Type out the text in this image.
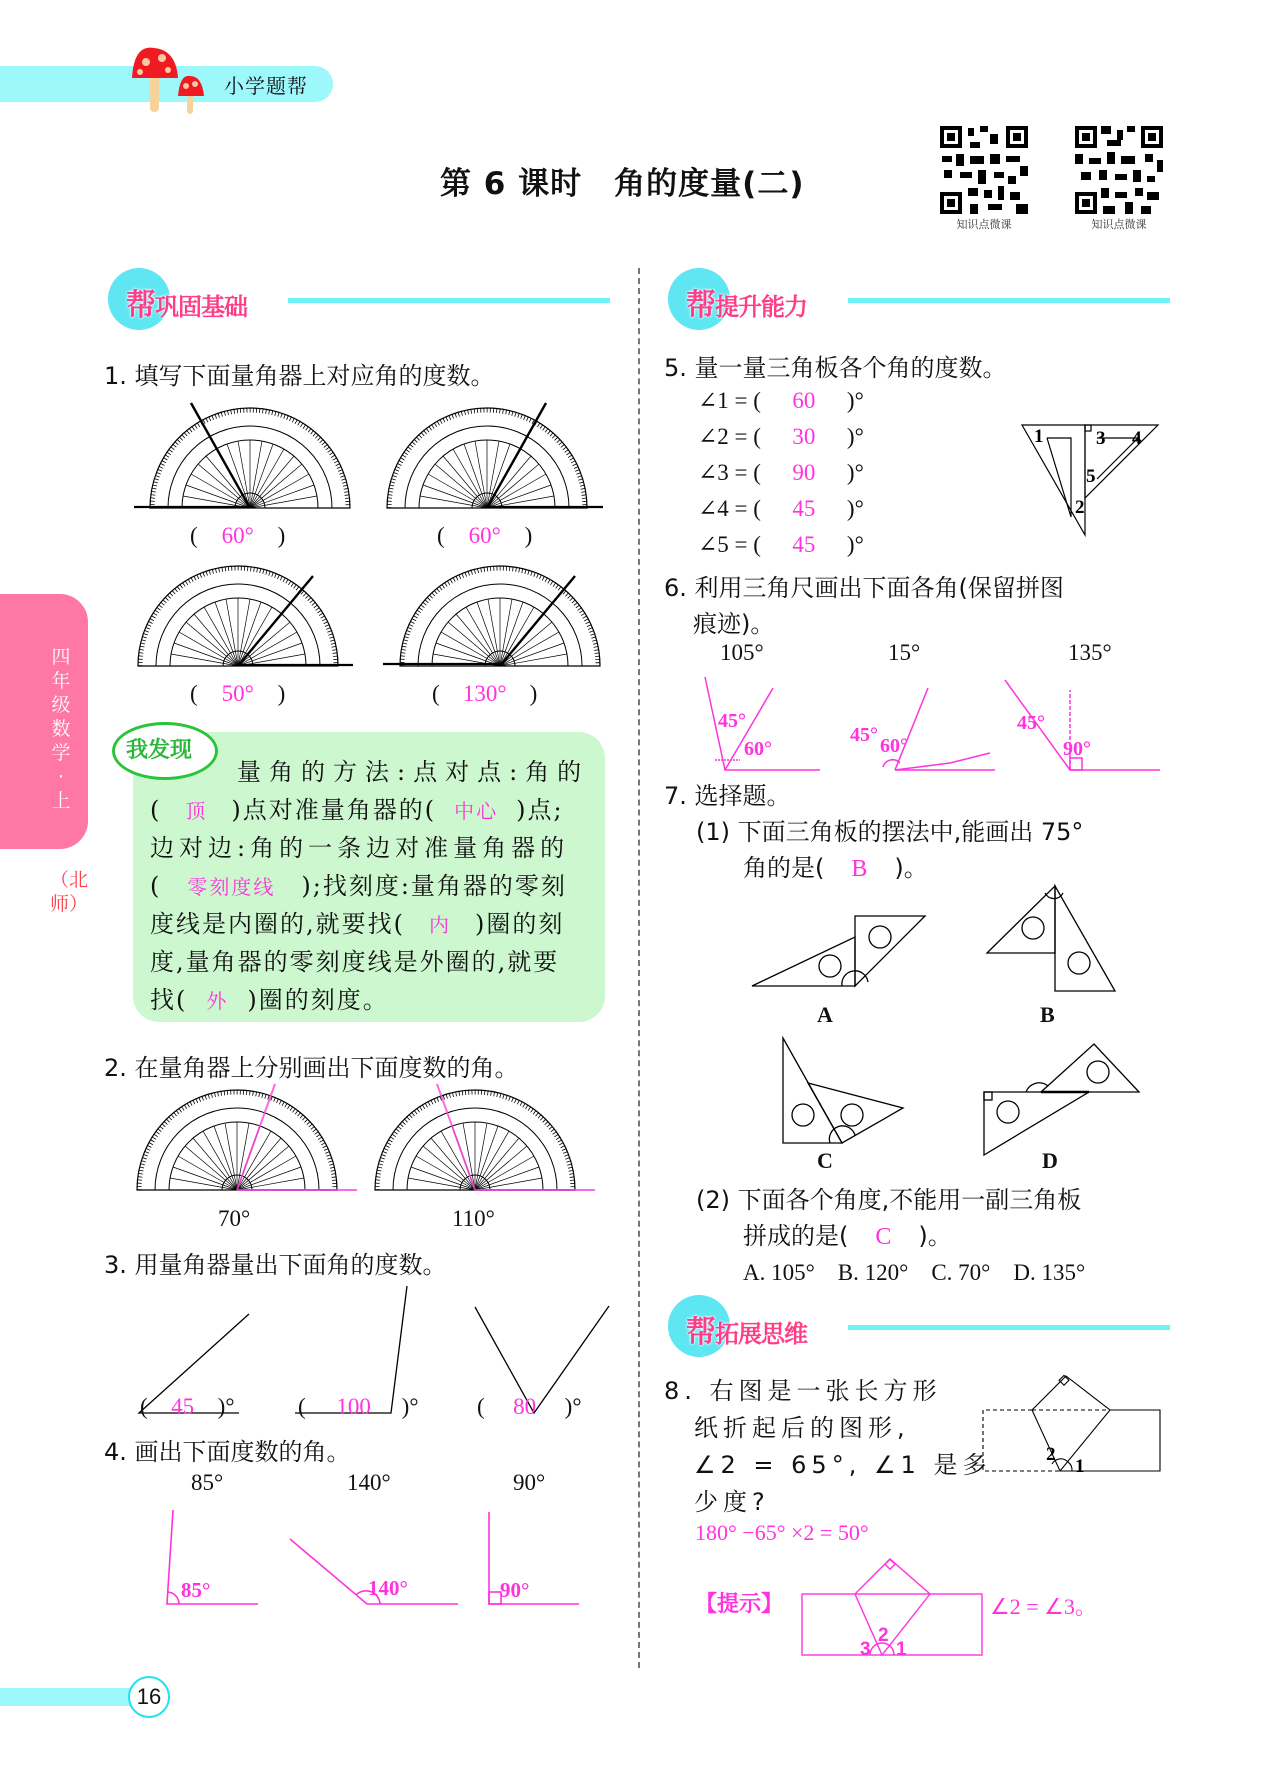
小学题帮
第 6 课时　角的度量(二)
知识点微课	知识点微课
四年级数学·上
（北师）
帮巩固基础
1. 填写下面量角器上对应角的度数。
( 60° )	( 60° )
( 50° )	( 130° )
我发现
量角的方法:点对点:角的
( 顶 )点对准量角器的( 中心 )点;
边对边:角的一条边对准量角器的
( 零刻度线 );找刻度:量角器的零刻
度线是内圈的,就要找( 内 )圈的刻
度,量角器的零刻度线是外圈的,就要
找( 外 )圈的刻度。
2. 在量角器上分别画出下面度数的角。
70°	110°
3. 用量角器量出下面角的度数。
( 45 )°	( 100 )°	( 80 )°
4. 画出下面度数的角。
85°	140°	90°
85°	140°	90°
帮提升能力
5. 量一量三角板各个角的度数。
∠1 = ( 60 )°
∠2 = ( 30 )°
∠3 = ( 90 )°
∠4 = ( 45 )°
∠5 = ( 45 )°
1
2
3 4
5
6. 利用三角尺画出下面各角(保留拼图
痕迹)。
105°	15°	135°
45°
60°
45° 60°
45°
90°
7. 选择题。
(1) 下面三角板的摆法中,能画出 75°
角的是( B )。
A	B
C	D
(2) 下面各个角度,不能用一副三角板
拼成的是( C )。
A. 105°　B. 120°　C. 70°　D. 135°
帮拓展思维
8. 右图是一张长方形
纸折起后的图形,
∠2 = 65°, ∠1 是多
少度?
2
1
180° −65° ×2 = 50°
【提示】
3
2
1
∠2 = ∠3。
16
